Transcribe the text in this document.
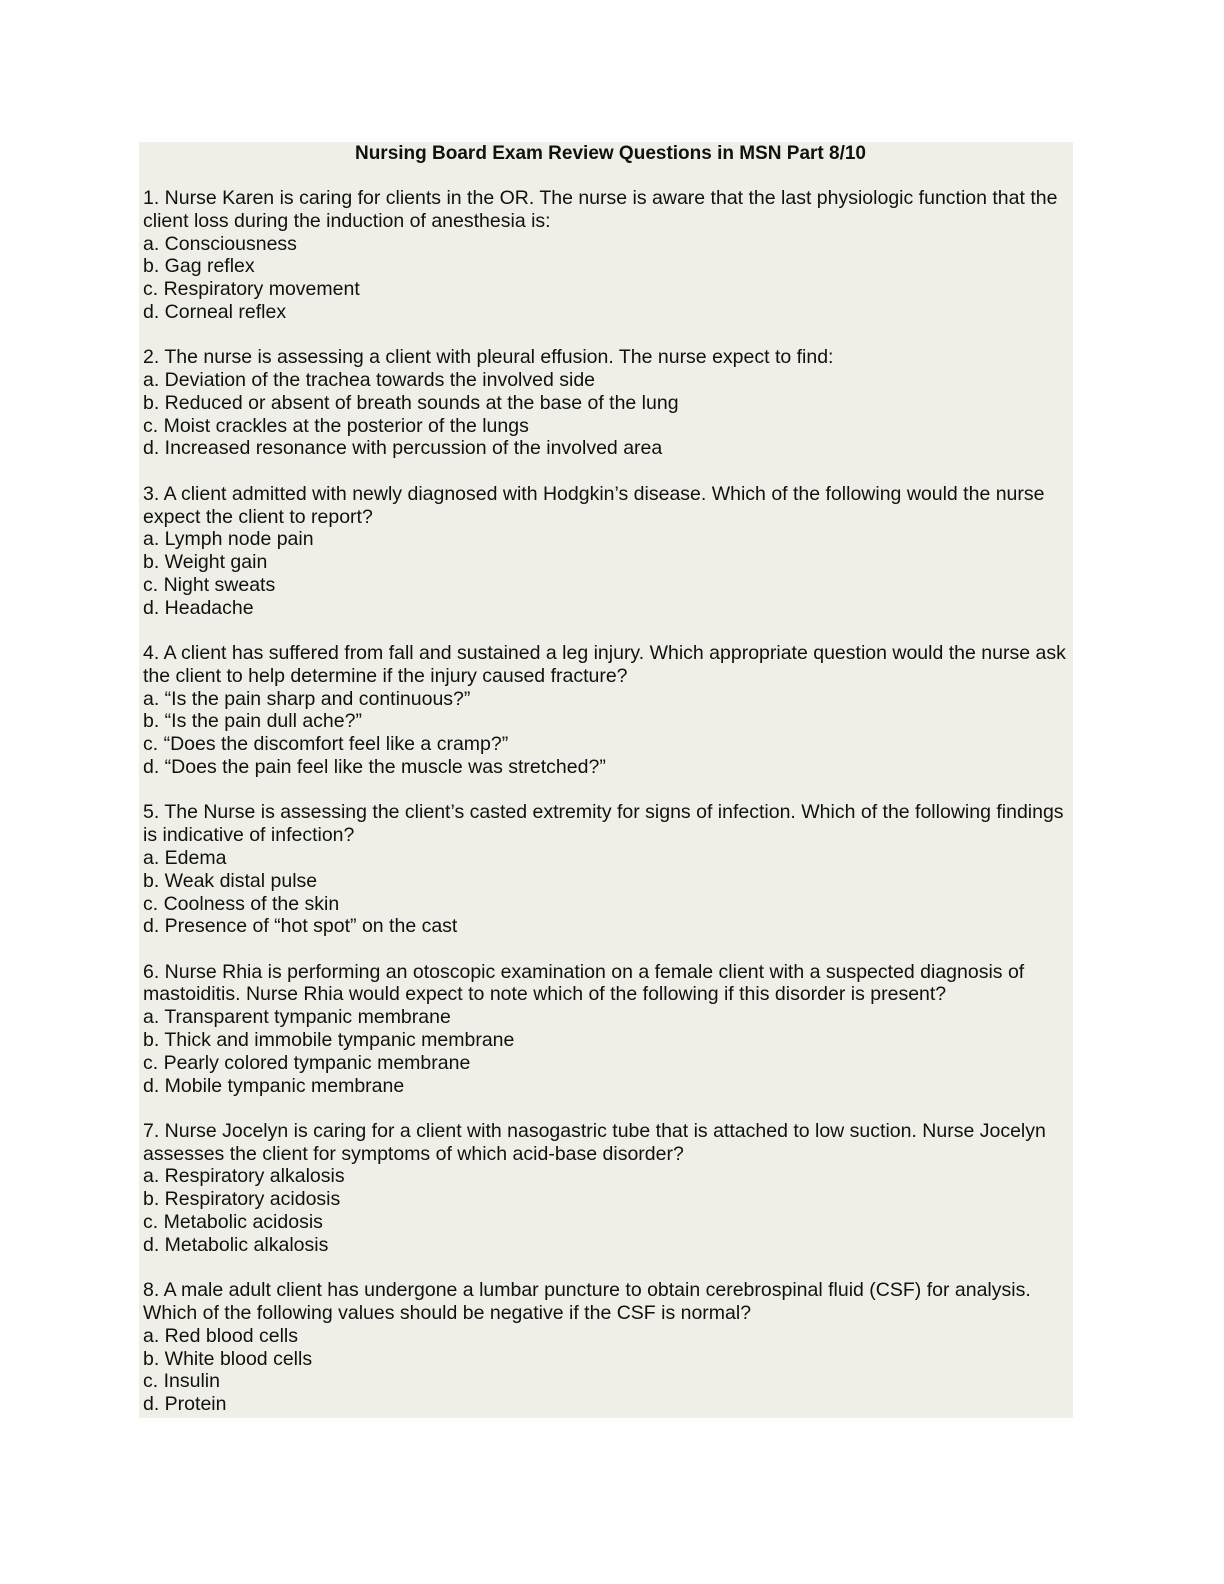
Nursing Board Exam Review Questions in MSN Part 8/10
1. Nurse Karen is caring for clients in the OR. The nurse is aware that the last physiologic function that the client loss during the induction of anesthesia is:
a. Consciousness
b. Gag reflex
c. Respiratory movement
d. Corneal reflex
2. The nurse is assessing a client with pleural effusion. The nurse expect to find:
a. Deviation of the trachea towards the involved side
b. Reduced or absent of breath sounds at the base of the lung
c. Moist crackles at the posterior of the lungs
d. Increased resonance with percussion of the involved area
3. A client admitted with newly diagnosed with Hodgkin’s disease. Which of the following would the nurse expect the client to report?
a. Lymph node pain
b. Weight gain
c. Night sweats
d. Headache
4. A client has suffered from fall and sustained a leg injury. Which appropriate question would the nurse ask the client to help determine if the injury caused fracture?
a. “Is the pain sharp and continuous?”
b. “Is the pain dull ache?”
c. “Does the discomfort feel like a cramp?”
d. “Does the pain feel like the muscle was stretched?”
5. The Nurse is assessing the client’s casted extremity for signs of infection. Which of the following findings is indicative of infection?
a. Edema
b. Weak distal pulse
c. Coolness of the skin
d. Presence of “hot spot” on the cast
6. Nurse Rhia is performing an otoscopic examination on a female client with a suspected diagnosis of mastoiditis. Nurse Rhia would expect to note which of the following if this disorder is present?
a. Transparent tympanic membrane
b. Thick and immobile tympanic membrane
c. Pearly colored tympanic membrane
d. Mobile tympanic membrane
7. Nurse Jocelyn is caring for a client with nasogastric tube that is attached to low suction. Nurse Jocelyn assesses the client for symptoms of which acid-base disorder?
a. Respiratory alkalosis
b. Respiratory acidosis
c. Metabolic acidosis
d. Metabolic alkalosis
8. A male adult client has undergone a lumbar puncture to obtain cerebrospinal fluid (CSF) for analysis. Which of the following values should be negative if the CSF is normal?
a. Red blood cells
b. White blood cells
c. Insulin
d. Protein
